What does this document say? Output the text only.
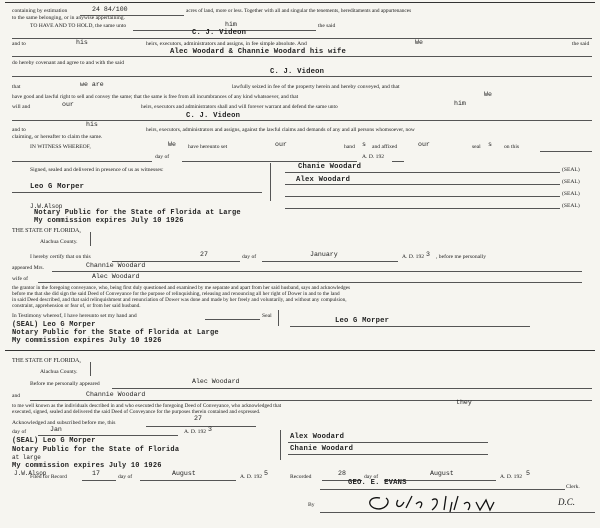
containing by estimation	24 84/100	acres of land, more or less. Together with all and singular the tenements, hereditaments and appurtenances
to the same belonging, or in anywise appertaining.
TO HAVE AND TO HOLD, the same unto	him	the said
C. J. Videon
and to	his	heirs, executors, administrators and assigns, in fee simple absolute. And	We	the said
Alec Woodard & Channie Woodard his wife
do hereby covenant and agree to and with the said
C. J. Videon
that	we are	lawfully seized in fee of the property herein and hereby conveyed, and that
have good and lawful right to sell and convey the same; that the same is free from all incumbrances of any kind whatsoever, and that	We
will and	our	heirs, executors and administrators shall and will forever warrant and defend the same unto	him
C. J. Videon
and to
his
heirs, executors, administrators and assigns, against the lawful claims and demands of any and all persons whomsoever, now
claiming, or hereafter to claim the same.
IN WITNESS WHEREOF,	We have hereunto set	our	hand s and affixed	our	seal s on this
day of	A. D. 192
Signed, sealed and delivered in presence of us as witnesses:	Chanie Woodard	(SEAL)
Alex Woodard	(SEAL)
(SEAL)
(SEAL)
Leo G Morper
J.W.Alsop
Notary Public for the State of Florida at Large
My commission expires July 10 1926
THE STATE OF FLORIDA,
Alachua County.
I hereby certify that on this	27	day of	January	A. D. 192 3 , before me personally
appeared Mrs.	Channie Woodard
wife of	Alec Woodard
the grantor in the foregoing conveyance, who, being first duly questioned and examined by me separate and apart from her said husband, says and acknowledges
before me that she did sign the said Deed of Conveyance for the purpose of relinquishing, releasing and renouncing all her right of Dower in and to the land
in said Deed described, and that said relinquishment and renunciation of Dower was done and made by her freely and voluntarily, and without any compulsion,
constraint, apprehension or fear of, or from her said husband.
In Testimony whereof, I have hereunto set my hand and	Seal
Leo G Morper
(SEAL) Leo G Morper
Notary Public for the State of Florida at Large
My commission expires July 10 1926
THE STATE OF FLORIDA,
Alachua County.
Before me personally appeared	Alec Woodard
and	Channie Woodard
to me well known as the individuals described in and who executed the foregoing Deed of Conveyance, who acknowledged that	they
executed, signed, sealed and delivered the said Deed of Conveyance for the purposes therein contained and expressed.
Acknowledged and subscribed before me, this
27
day of	Jan	A. D. 192 3
(SEAL) Leo G Morper	Alex Woodard
Chanie Woodard
Notary Public for the State of Florida
at large
My commission expires July 10 1926
J.W.Alsop
Filed for Record	17	day of	August	A. D. 192 5	Recorded	28	day of	August	A. D. 192 5
GEO. E. EVANS	Clerk.
By	D.C.
